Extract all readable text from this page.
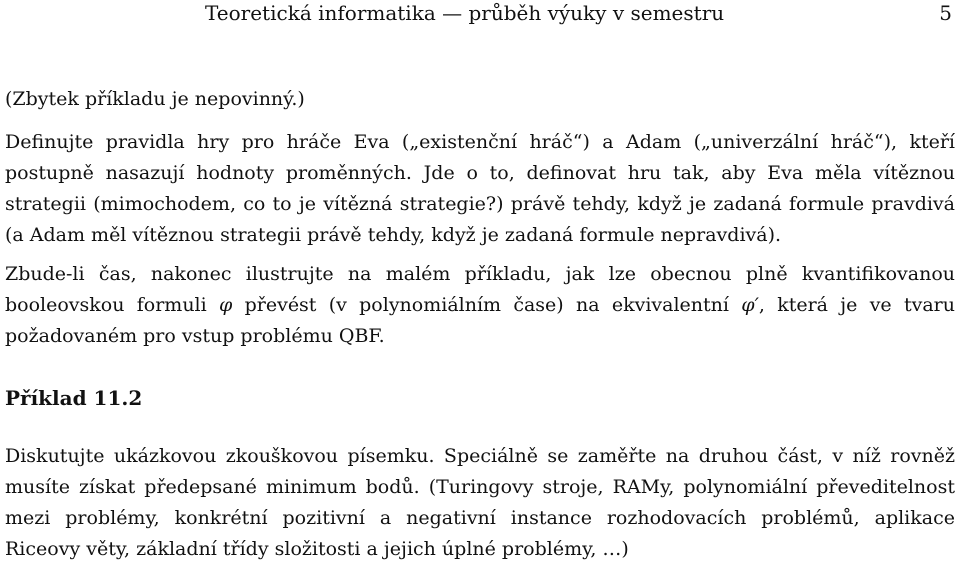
Teoretická informatika — průběh výuky v semestru	5

(Zbytek příkladu je nepovinný.)

Definujte pravidla hry pro hráče Eva („existenční hráč“) a Adam („univerzální hráč“), kteří postupně nasazují hodnoty proměnných. Jde o to, definovat hru tak, aby Eva měla vítěznou strategii (mimochodem, co to je vítězná strategie?) právě tehdy, když je zadaná formule pravdivá (a Adam měl vítěznou strategii právě tehdy, když je zadaná formule nepravdivá).

Zbude-li čas, nakonec ilustrujte na malém příkladu, jak lze obecnou plně kvantifikovanou booleovskou formuli φ převést (v polynomiálním čase) na ekvivalentní φ′, která je ve tvaru požadovaném pro vstup problému QBF.

Příklad 11.2

Diskutujte ukázkovou zkouškovou písemku. Speciálně se zaměřte na druhou část, v níž rovněž musíte získat předepsané minimum bodů. (Turingovy stroje, RAMy, polynomiální převeditelnost mezi problémy, konkrétní pozitivní a negativní instance rozhodovacích problémů, aplikace Riceovy věty, základní třídy složitosti a jejich úplné problémy, …)
